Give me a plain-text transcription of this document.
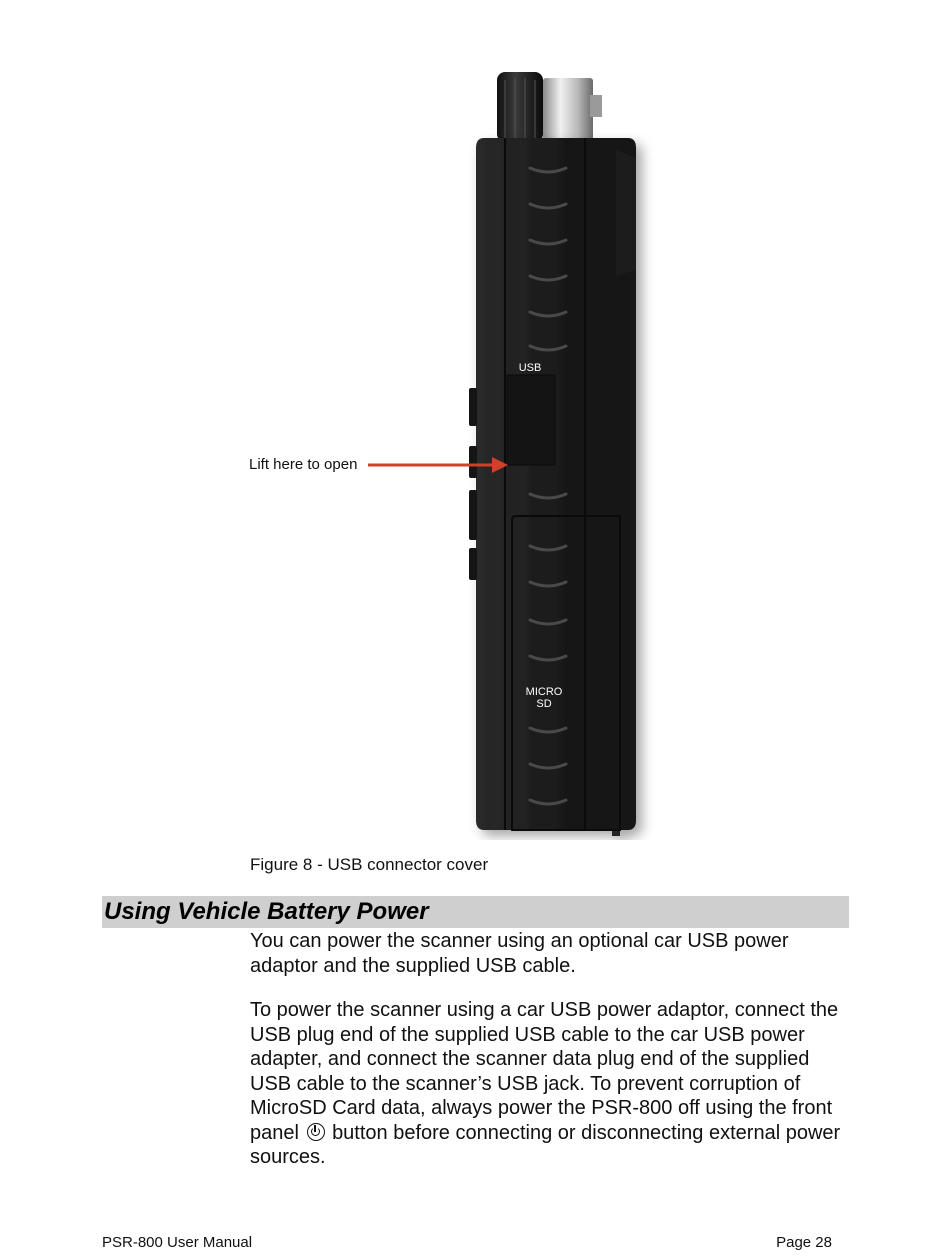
USB
MICRO
SD
Lift here to open
Figure 8 - USB connector cover
Using Vehicle Battery Power
You can power the scanner using an optional car USB power adaptor and the supplied USB cable.
To power the scanner using a car USB power adaptor, connect the USB plug end of the supplied USB cable to the car USB power adapter, and connect the scanner data plug end of the supplied USB cable to the scanner’s USB jack. To prevent corruption of MicroSD Card data, always power the PSR-800 off using the front panel button before connecting or disconnecting external power sources.
PSR-800 User Manual	Page 28
